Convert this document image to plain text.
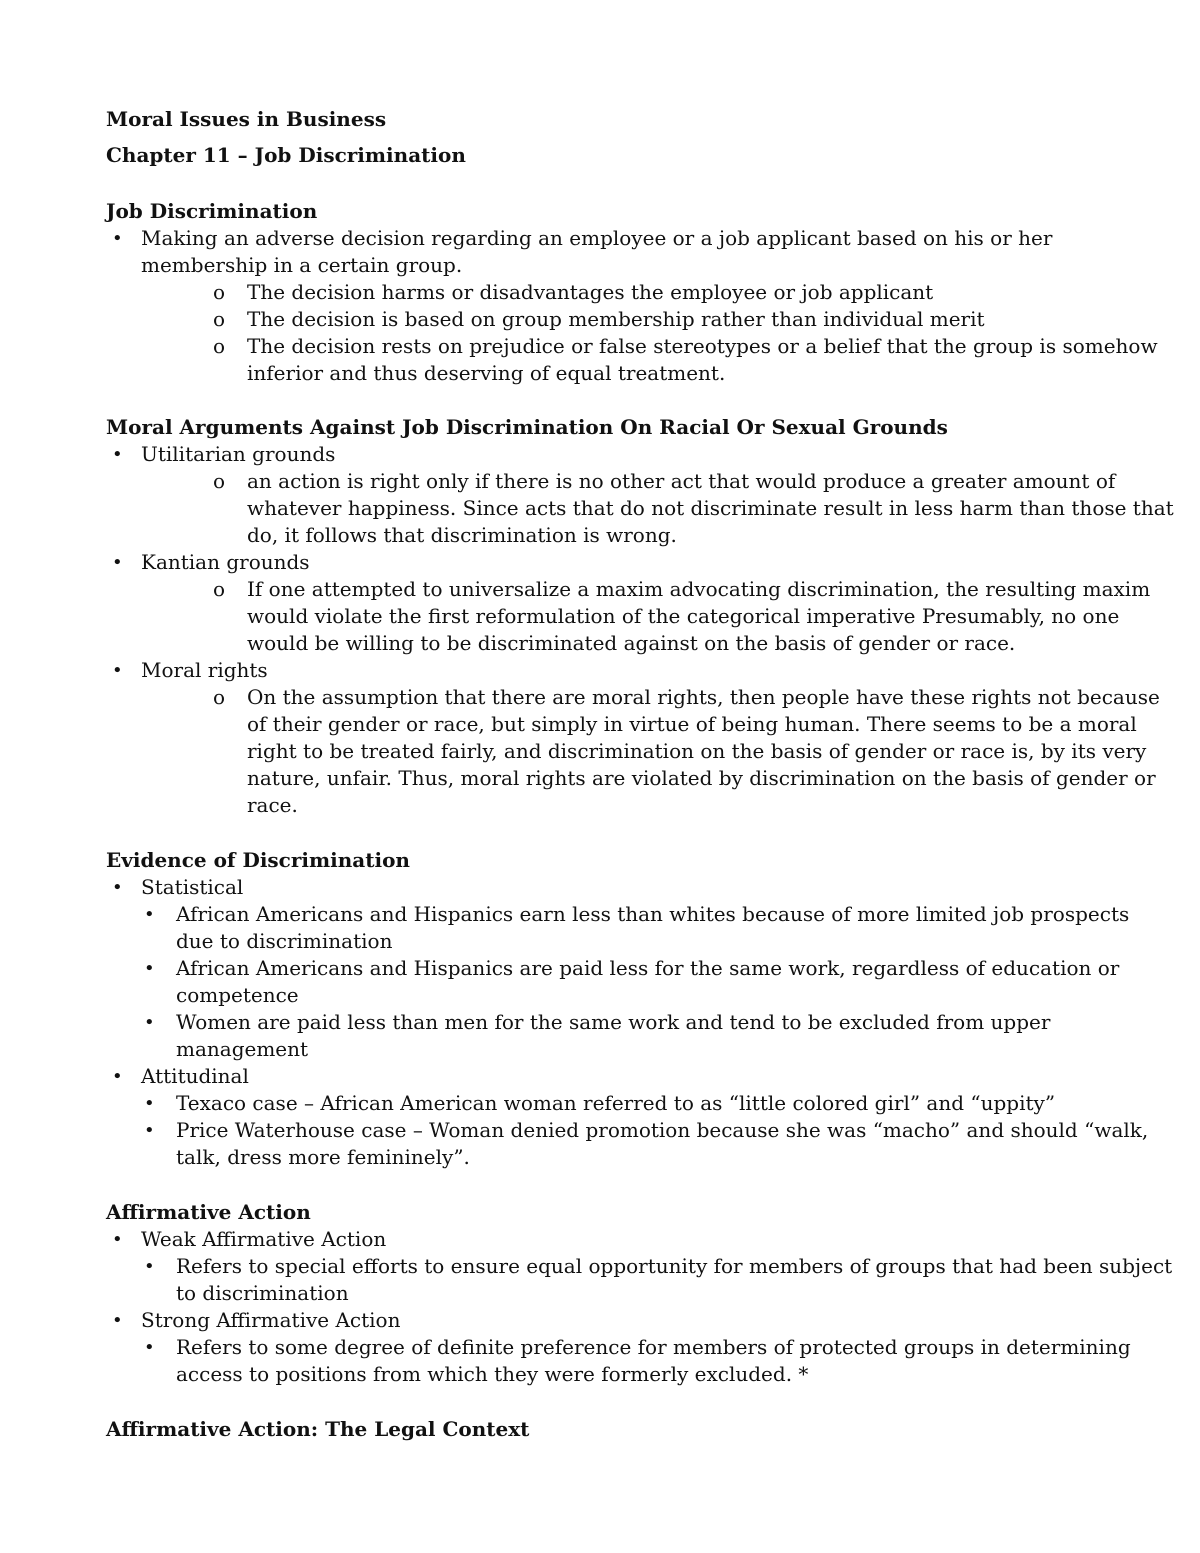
Moral Issues in Business
Chapter 11 – Job Discrimination
Job Discrimination
• Making an adverse decision regarding an employee or a job applicant based on his or her
membership in a certain group.
o The decision harms or disadvantages the employee or job applicant
o The decision is based on group membership rather than individual merit
o The decision rests on prejudice or false stereotypes or a belief that the group is somehow
inferior and thus deserving of equal treatment.
Moral Arguments Against Job Discrimination On Racial Or Sexual Grounds
• Utilitarian grounds
o an action is right only if there is no other act that would produce a greater amount of
whatever happiness. Since acts that do not discriminate result in less harm than those that
do, it follows that discrimination is wrong.
• Kantian grounds
o If one attempted to universalize a maxim advocating discrimination, the resulting maxim
would violate the first reformulation of the categorical imperative Presumably, no one
would be willing to be discriminated against on the basis of gender or race.
• Moral rights
o On the assumption that there are moral rights, then people have these rights not because
of their gender or race, but simply in virtue of being human. There seems to be a moral
right to be treated fairly, and discrimination on the basis of gender or race is, by its very
nature, unfair. Thus, moral rights are violated by discrimination on the basis of gender or
race.
Evidence of Discrimination
• Statistical
• African Americans and Hispanics earn less than whites because of more limited job prospects
due to discrimination
• African Americans and Hispanics are paid less for the same work, regardless of education or
competence
• Women are paid less than men for the same work and tend to be excluded from upper
management
• Attitudinal
• Texaco case – African American woman referred to as “little colored girl” and “uppity”
• Price Waterhouse case – Woman denied promotion because she was “macho” and should “walk,
talk, dress more femininely”.
Affirmative Action
• Weak Affirmative Action
• Refers to special efforts to ensure equal opportunity for members of groups that had been subject
to discrimination
• Strong Affirmative Action
• Refers to some degree of definite preference for members of protected groups in determining
access to positions from which they were formerly excluded. *
Affirmative Action: The Legal Context
